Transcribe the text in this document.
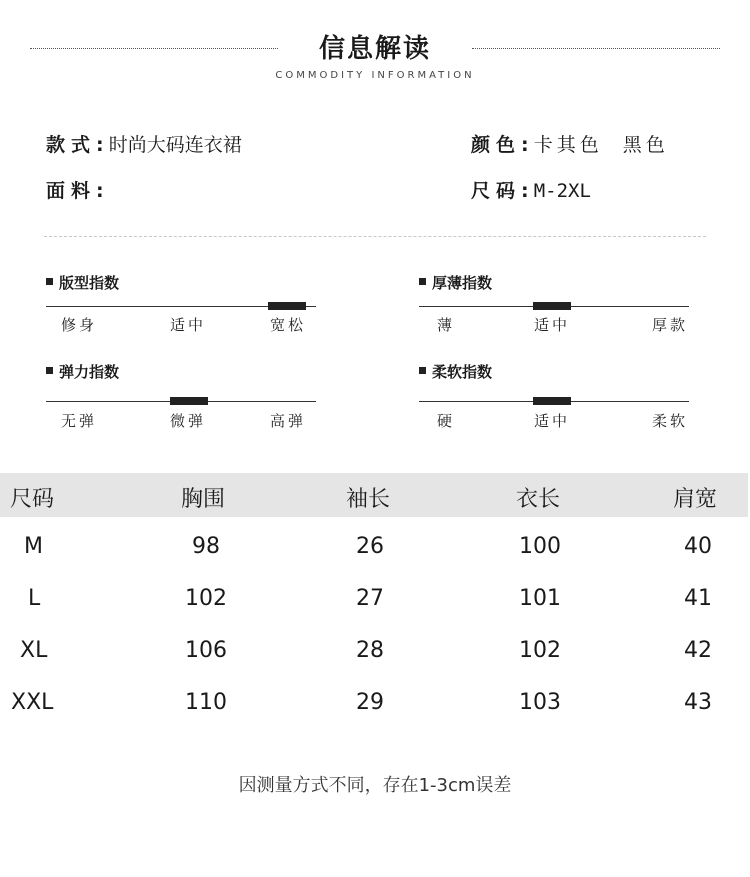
信息解读
COMMODITY INFORMATION
款式: 时尚大码连衣裙	颜色: 卡其色  黑色
面料:	尺码: M-2XL
版型指数
修身	适中	宽松
厚薄指数
薄	适中	厚款
弹力指数
无弹	微弹	高弹
柔软指数
硬	适中	柔软
尺码	胸围	袖长	衣长	肩宽
M	98	26	100	40
L	102	27	101	41
XL	106	28	102	42
XXL	110	29	103	43
因测量方式不同，存在1-3cm误差
